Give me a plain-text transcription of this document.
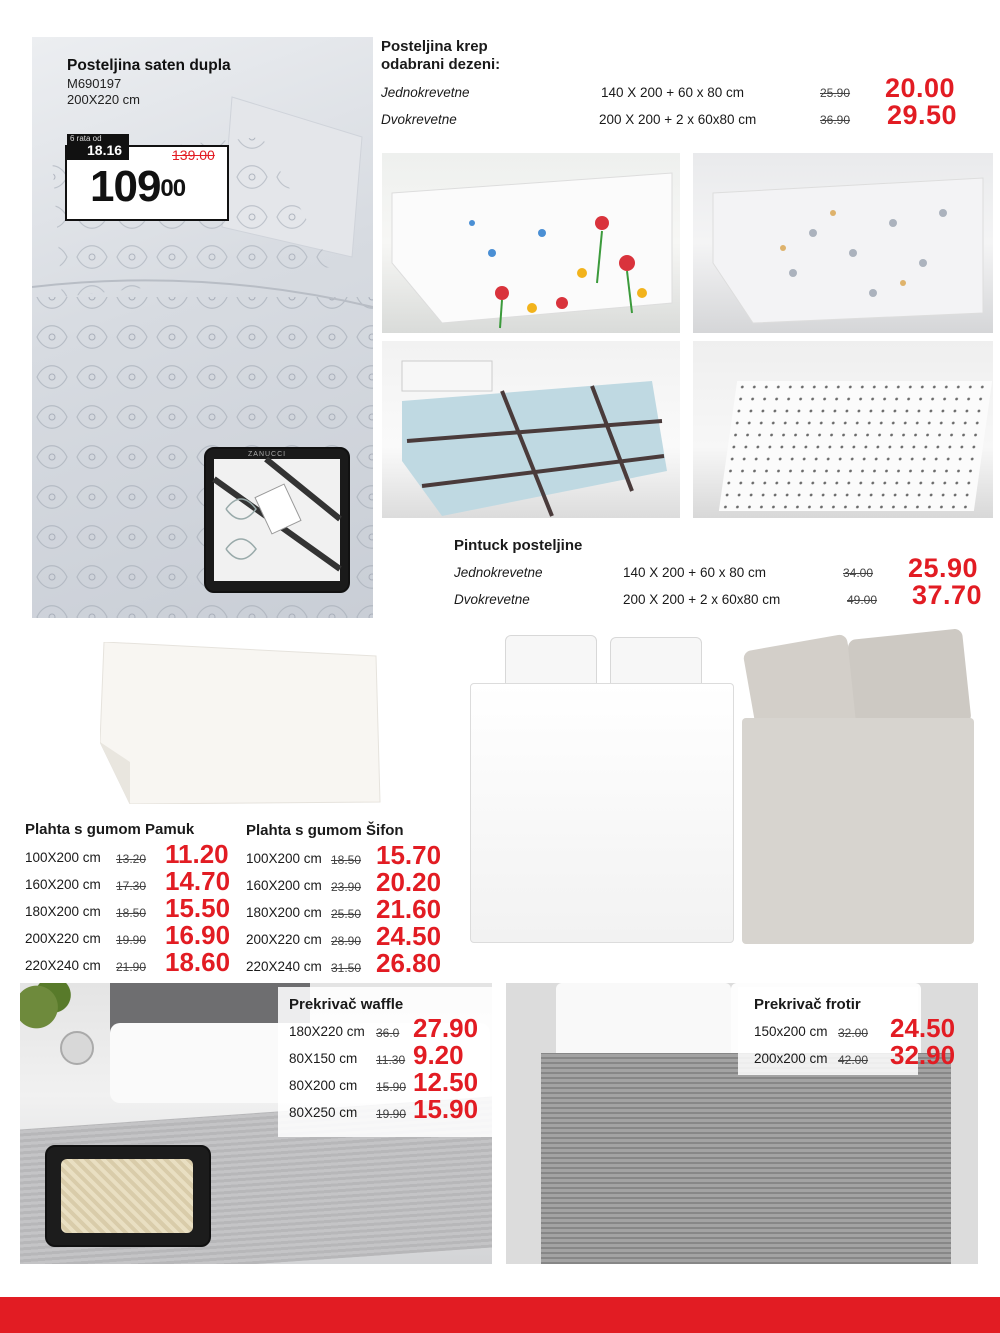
Posteljina saten dupla
M690197
200X220 cm
6 rata od
18.16	139.00
$109^{00}$
ZANUCCI
Posteljina krep
odabrani dezeni:
Jednokrevetne	140 X 200 + 60 x 80 cm	25.90 20.00
Dvokrevetne	200 X 200 + 2 x 60x80 cm	36.90 29.50
Pintuck posteljine
Jednokrevetne	140 X 200 + 60 x 80 cm	34.00 25.90
Dvokrevetne	200 X 200 + 2 x 60x80 cm	49.00 37.70
Plahta s gumom Pamuk
100X200 cm 13.20 11.20
160X200 cm 17.30 14.70
180X200 cm 18.50 15.50
200X220 cm 19.90 16.90
220X240 cm 21.90 18.60
Plahta s gumom Šifon
100X200 cm 18.50 15.70
160X200 cm 23.90 20.20
180X200 cm 25.50 21.60
200X220 cm 28.90 24.50
220X240 cm 31.50 26.80
Prekrivač waffle
180X220 cm 36.0 27.90
80X150 cm 11.30 9.20
80X200 cm 15.90 12.50
80X250 cm 19.90 15.90
Prekrivač frotir
150x200 cm 32.00 24.50
200x200 cm 42.00 32.90
